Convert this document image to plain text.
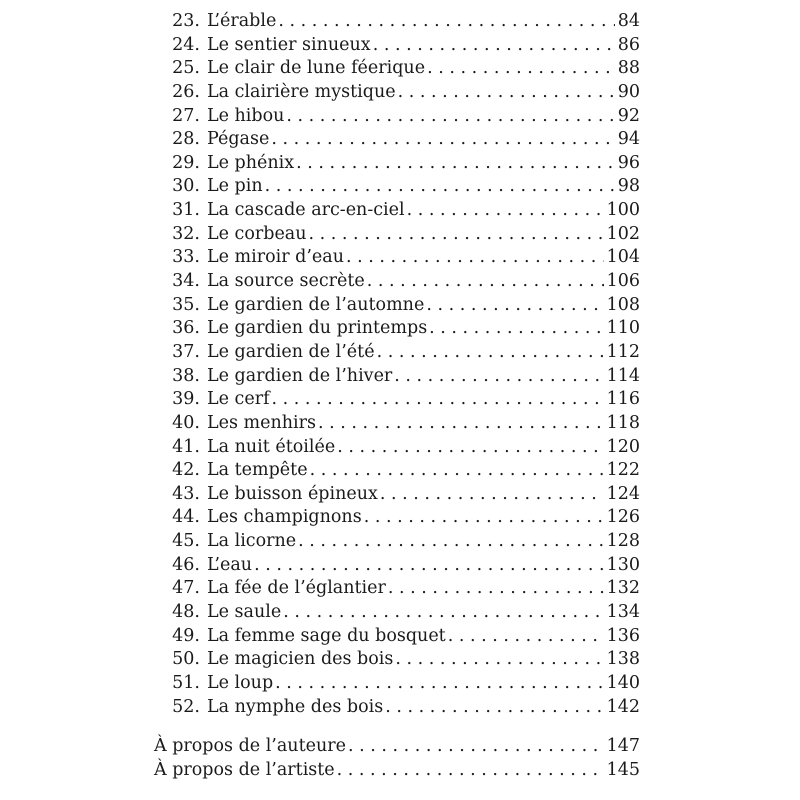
23. L’érable . . .	84
24. Le sentier sinueux . . .	86
25. Le clair de lune féerique . . .	88
26. La clairière mystique . . .	90
27. Le hibou . . .	92
28. Pégase . . .	94
29. Le phénix . . .	96
30. Le pin . . .	98
31. La cascade arc-en-ciel . . .	100
32. Le corbeau . . .	102
33. Le miroir d’eau . . .	104
34. La source secrète . . .	106
35. Le gardien de l’automne . . .	108
36. Le gardien du printemps . . .	110
37. Le gardien de l’été . . .	112
38. Le gardien de l’hiver . . .	114
39. Le cerf . . .	116
40. Les menhirs . . .	118
41. La nuit étoilée . . .	120
42. La tempête . . .	122
43. Le buisson épineux . . .	124
44. Les champignons . . .	126
45. La licorne . . .	128
46. L’eau . . .	130
47. La fée de l’églantier . . .	132
48. Le saule . . .	134
49. La femme sage du bosquet . . .	136
50. Le magicien des bois . . .	138
51. Le loup . . .	140
52. La nymphe des bois . . .	142
À propos de l’auteure . . .	147
À propos de l’artiste . . .	145
